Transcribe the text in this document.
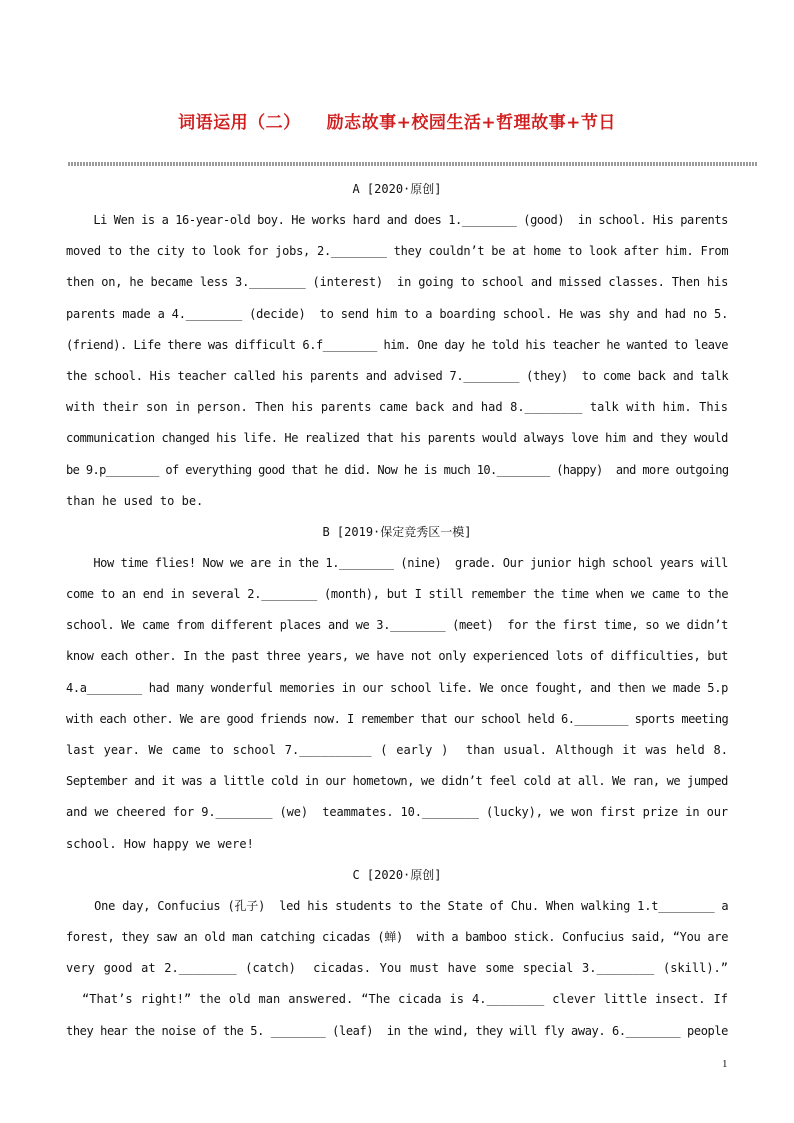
词语运用（二） 励志故事+校园生活+哲理故事+节日
A [2020·原创]

Li Wen is a 16-year-old boy. He works hard and does 1.________ (good)  in school. His parents

moved to the city to look for jobs, 2.________ they couldn’t be at home to look after him. From

then on, he became less 3.________ (interest)  in going to school and missed classes. Then his

parents made a 4.________ (decide)  to send him to a boarding school. He was shy and had no 5.

(friend). Life there was difficult 6.f________ him. One day he told his teacher he wanted to leave

the school. His teacher called his parents and advised 7.________ (they)  to come back and talk

with their son in person. Then his parents came back and had 8.________ talk with him. This

communication changed his life. He realized that his parents would always love him and they would

be 9.p________ of everything good that he did. Now he is much 10.________ (happy)  and more outgoing

than he used to be.

B [2019·保定竞秀区一模]

How time flies! Now we are in the 1.________ (nine)  grade. Our junior high school years will

come to an end in several 2.________ (month), but I still remember the time when we came to the

school. We came from different places and we 3.________ (meet)  for the first time, so we didn’t

know each other. In the past three years, we have not only experienced lots of difficulties, but

4.a________ had many wonderful memories in our school life. We once fought, and then we made 5.p

with each other. We are good friends now. I remember that our school held 6.________ sports meeting

last year. We came to school 7.__________ ( early )  than usual. Although it was held 8.

September and it was a little cold in our hometown, we didn’t feel cold at all. We ran, we jumped

and we cheered for 9.________ (we)  teammates. 10.________ (lucky), we won first prize in our

school. How happy we were!

C [2020·原创]

One day, Confucius (孔子)  led his students to the State of Chu. When walking 1.t________ a

forest, they saw an old man catching cicadas (蝉)  with a bamboo stick. Confucius said, “You are

very good at 2.________ (catch)  cicadas. You must have some special 3.________ (skill).”

“That’s right!” the old man answered. “The cicada is 4.________ clever little insect. If

they hear the noise of the 5. ________ (leaf)  in the wind, they will fly away. 6.________ people

1
